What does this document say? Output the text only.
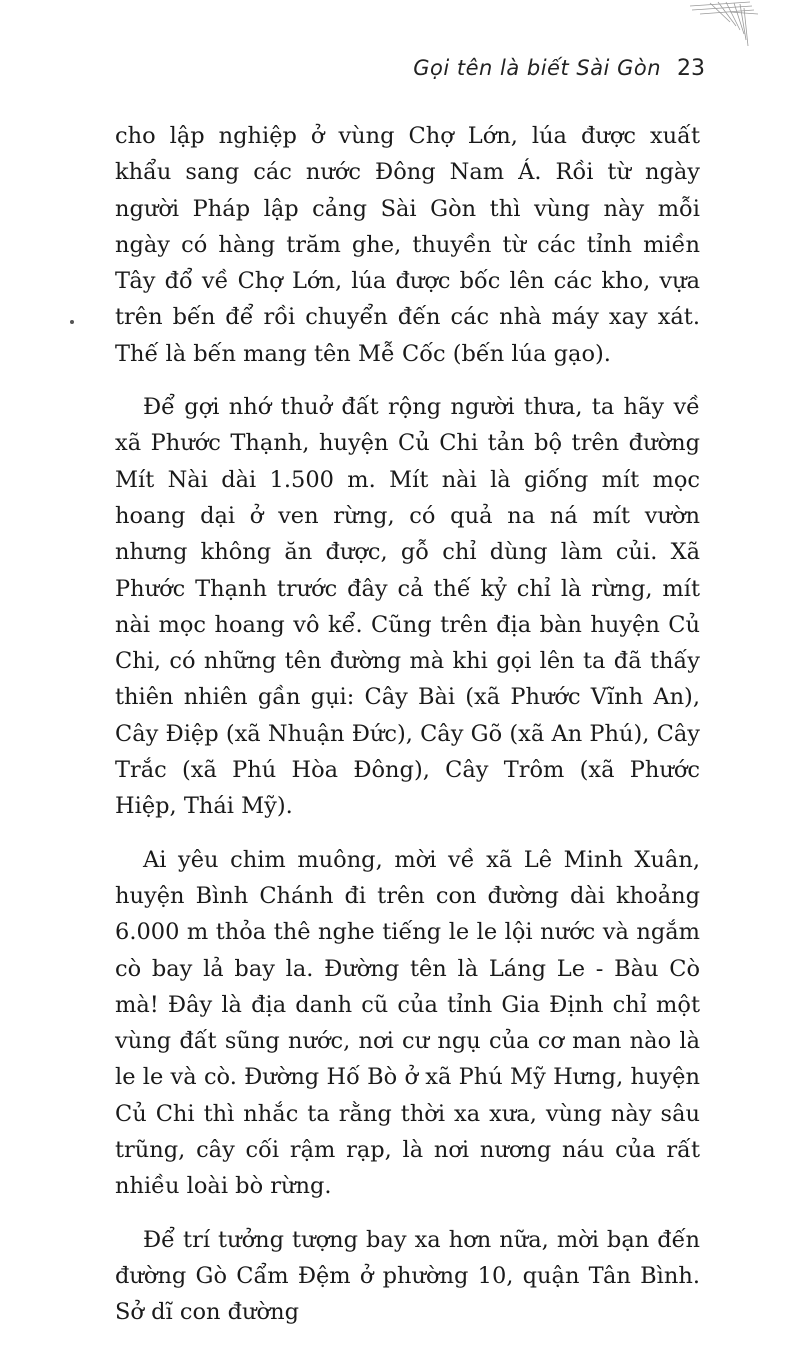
Gọi tên là biết Sài Gòn 23

cho lập nghiệp ở vùng Chợ Lớn, lúa được xuất khẩu sang các nước Đông Nam Á. Rồi từ ngày người Pháp lập cảng Sài Gòn thì vùng này mỗi ngày có hàng trăm ghe, thuyền từ các tỉnh miền Tây đổ về Chợ Lớn, lúa được bốc lên các kho, vựa trên bến để rồi chuyển đến các nhà máy xay xát. Thế là bến mang tên Mễ Cốc (bến lúa gạo).

Để gợi nhớ thuở đất rộng người thưa, ta hãy về xã Phước Thạnh, huyện Củ Chi tản bộ trên đường Mít Nài dài 1.500 m. Mít nài là giống mít mọc hoang dại ở ven rừng, có quả na ná mít vườn nhưng không ăn được, gỗ chỉ dùng làm củi. Xã Phước Thạnh trước đây cả thế kỷ chỉ là rừng, mít nài mọc hoang vô kể. Cũng trên địa bàn huyện Củ Chi, có những tên đường mà khi gọi lên ta đã thấy thiên nhiên gần gụi: Cây Bài (xã Phước Vĩnh An), Cây Điệp (xã Nhuận Đức), Cây Gõ (xã An Phú), Cây Trắc (xã Phú Hòa Đông), Cây Trôm (xã Phước Hiệp, Thái Mỹ).

Ai yêu chim muông, mời về xã Lê Minh Xuân, huyện Bình Chánh đi trên con đường dài khoảng 6.000 m thỏa thê nghe tiếng le le lội nước và ngắm cò bay lả bay la. Đường tên là Láng Le - Bàu Cò mà! Đây là địa danh cũ của tỉnh Gia Định chỉ một vùng đất sũng nước, nơi cư ngụ của cơ man nào là le le và cò. Đường Hố Bò ở xã Phú Mỹ Hưng, huyện Củ Chi thì nhắc ta rằng thời xa xưa, vùng này sâu trũng, cây cối rậm rạp, là nơi nương náu của rất nhiều loài bò rừng.

Để trí tưởng tượng bay xa hơn nữa, mời bạn đến đường Gò Cẩm Đệm ở phường 10, quận Tân Bình. Sở dĩ con đường
